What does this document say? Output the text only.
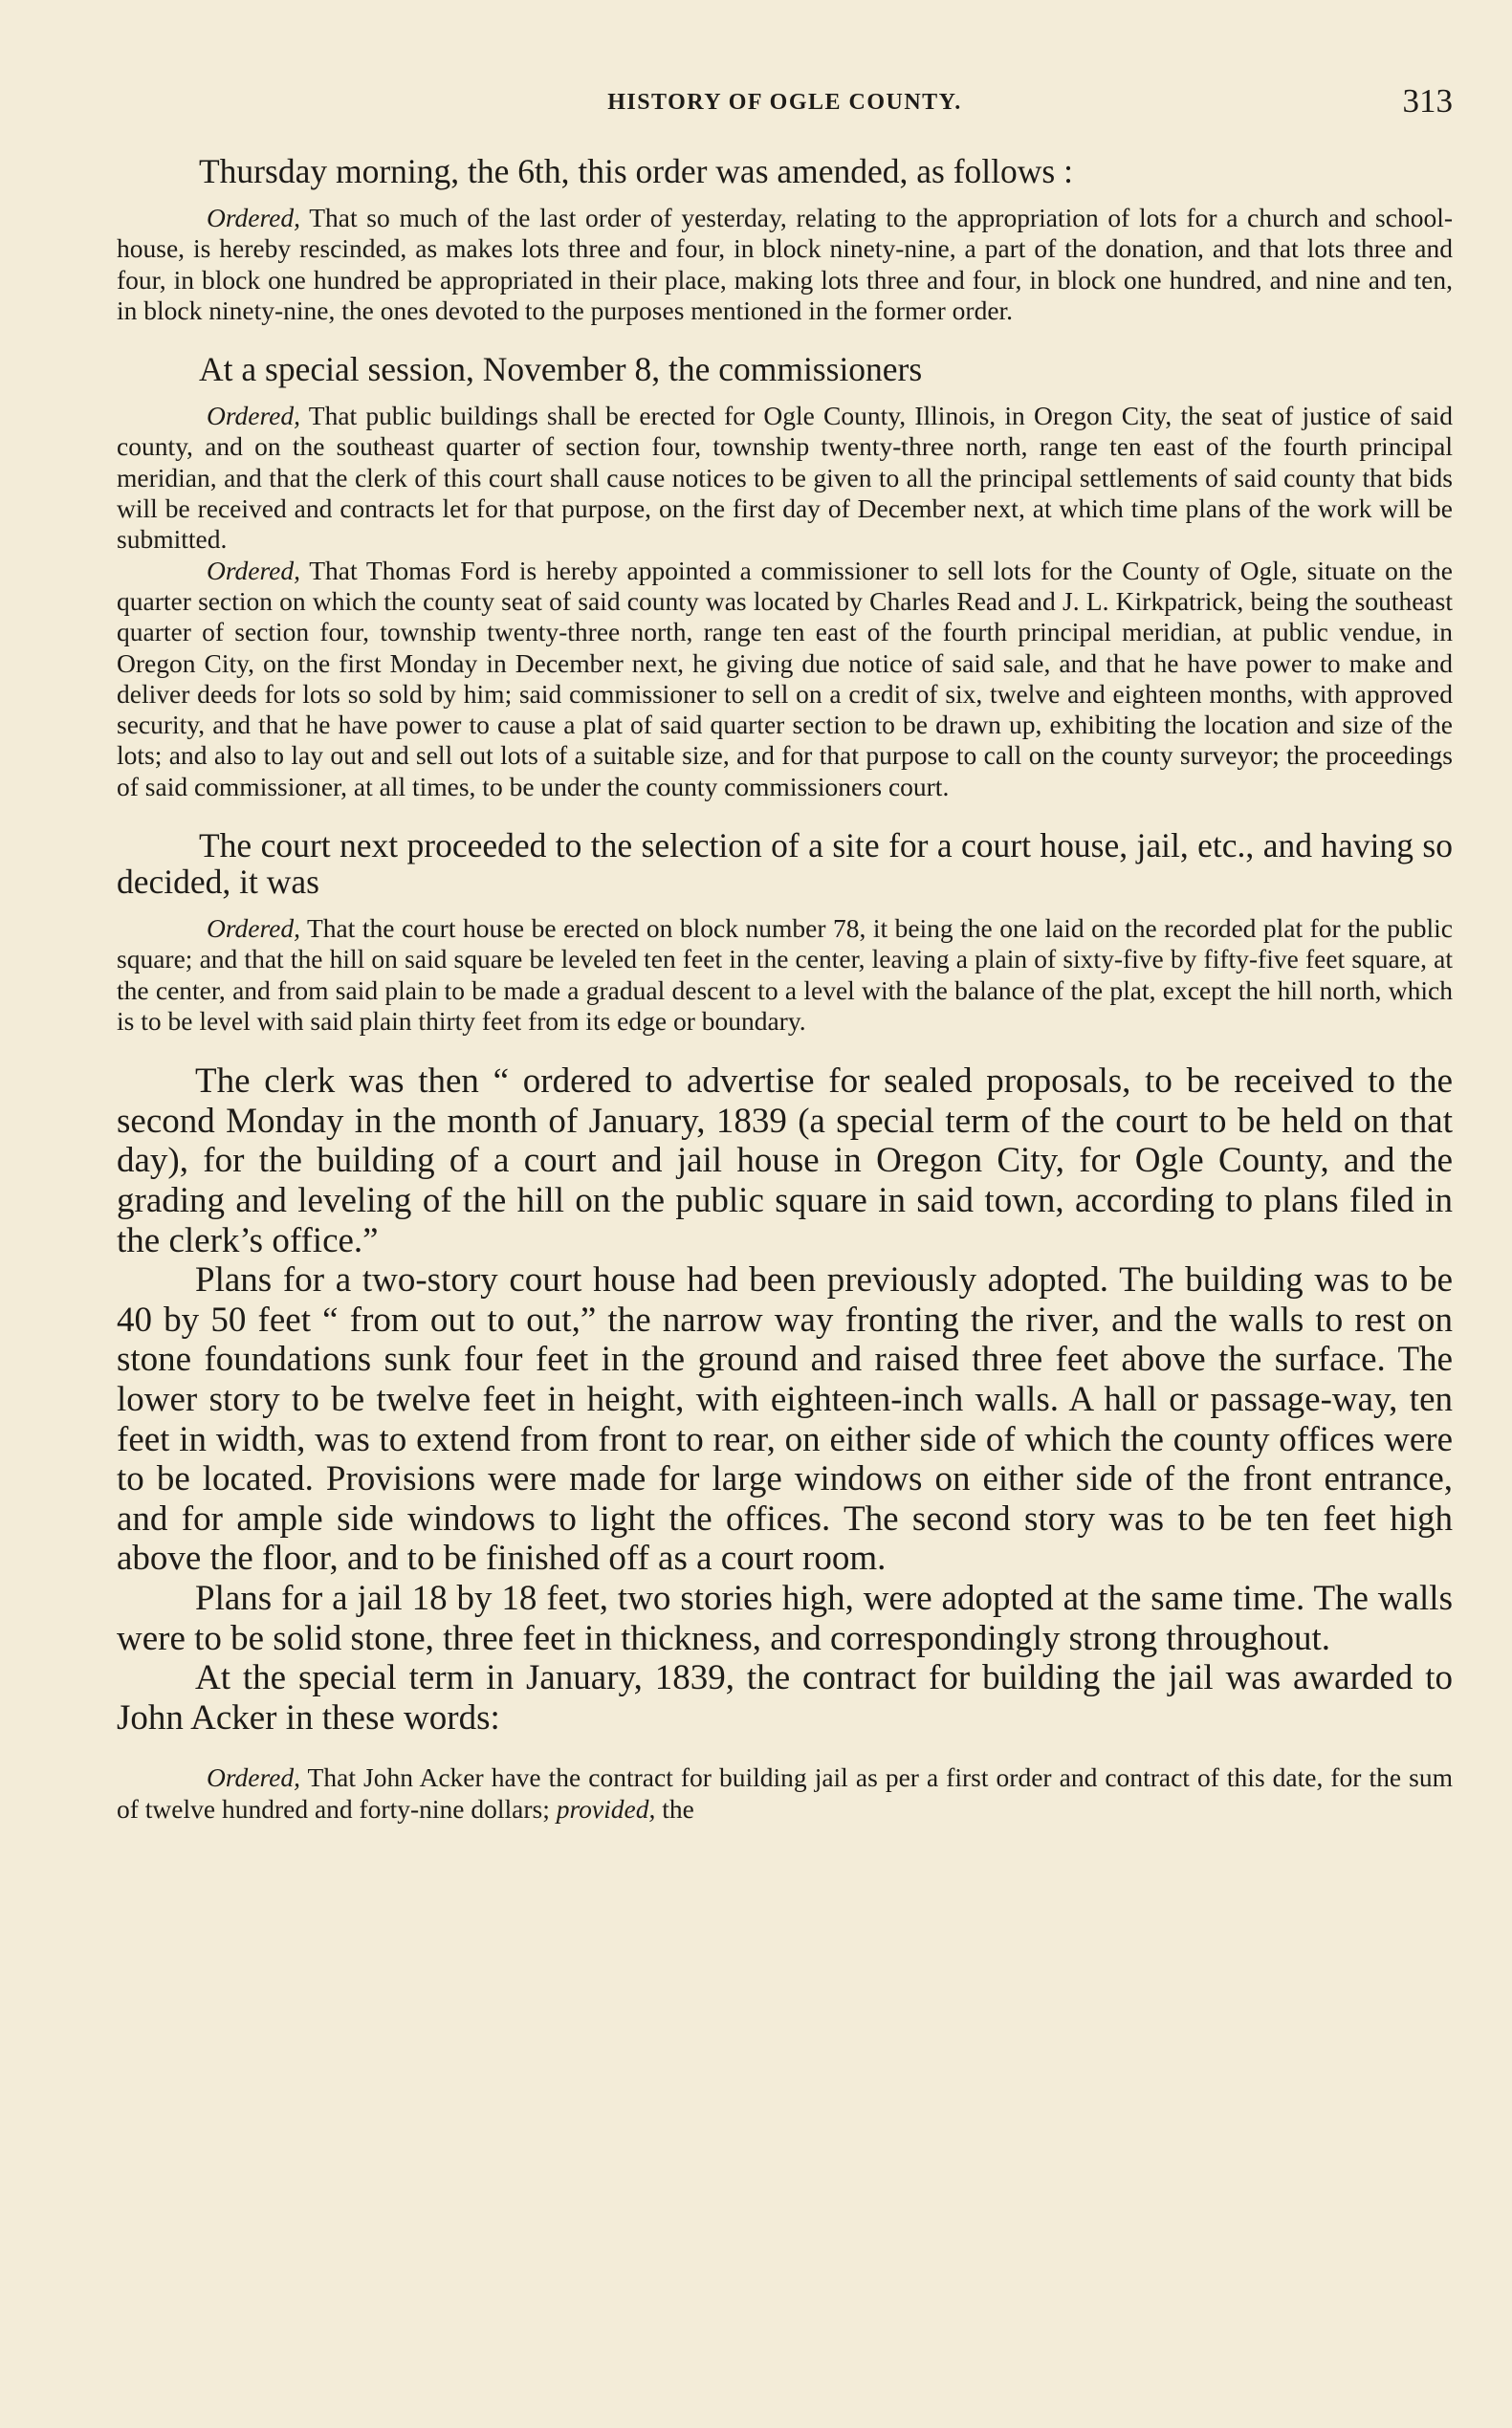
HISTORY OF OGLE COUNTY.	313

Thursday morning, the 6th, this order was amended, as follows :

Ordered, That so much of the last order of yesterday, relating to the appropriation of lots for a church and school-house, is hereby rescinded, as makes lots three and four, in block ninety-nine, a part of the donation, and that lots three and four, in block one hundred be appropriated in their place, making lots three and four, in block one hundred, and nine and ten, in block ninety-nine, the ones devoted to the purposes mentioned in the former order.

At a special session, November 8, the commissioners

Ordered, That public buildings shall be erected for Ogle County, Illinois, in Oregon City, the seat of justice of said county, and on the southeast quarter of section four, township twenty-three north, range ten east of the fourth principal meridian, and that the clerk of this court shall cause notices to be given to all the principal settlements of said county that bids will be received and contracts let for that purpose, on the first day of December next, at which time plans of the work will be submitted.

Ordered, That Thomas Ford is hereby appointed a commissioner to sell lots for the County of Ogle, situate on the quarter section on which the county seat of said county was located by Charles Read and J. L. Kirkpatrick, being the southeast quarter of section four, township twenty-three north, range ten east of the fourth principal meridian, at public vendue, in Oregon City, on the first Monday in December next, he giving due notice of said sale, and that he have power to make and deliver deeds for lots so sold by him; said commissioner to sell on a credit of six, twelve and eighteen months, with approved security, and that he have power to cause a plat of said quarter section to be drawn up, exhibiting the location and size of the lots; and also to lay out and sell out lots of a suitable size, and for that purpose to call on the county surveyor; the proceedings of said commissioner, at all times, to be under the county commissioners court.

The court next proceeded to the selection of a site for a court house, jail, etc., and having so decided, it was

Ordered, That the court house be erected on block number 78, it being the one laid on the recorded plat for the public square; and that the hill on said square be leveled ten feet in the center, leaving a plain of sixty-five by fifty-five feet square, at the center, and from said plain to be made a gradual descent to a level with the balance of the plat, except the hill north, which is to be level with said plain thirty feet from its edge or boundary.

The clerk was then “ ordered to advertise for sealed proposals, to be received to the second Monday in the month of January, 1839 (a special term of the court to be held on that day), for the building of a court and jail house in Oregon City, for Ogle County, and the grading and leveling of the hill on the public square in said town, according to plans filed in the clerk’s office.”

Plans for a two-story court house had been previously adopted. The building was to be 40 by 50 feet “ from out to out,” the narrow way fronting the river, and the walls to rest on stone foundations sunk four feet in the ground and raised three feet above the surface. The lower story to be twelve feet in height, with eighteen-inch walls. A hall or passage-way, ten feet in width, was to extend from front to rear, on either side of which the county offices were to be located. Provisions were made for large windows on either side of the front entrance, and for ample side windows to light the offices. The second story was to be ten feet high above the floor, and to be finished off as a court room.

Plans for a jail 18 by 18 feet, two stories high, were adopted at the same time. The walls were to be solid stone, three feet in thickness, and correspondingly strong throughout.

At the special term in January, 1839, the contract for building the jail was awarded to John Acker in these words:

Ordered, That John Acker have the contract for building jail as per a first order and contract of this date, for the sum of twelve hundred and forty-nine dollars; provided, the
